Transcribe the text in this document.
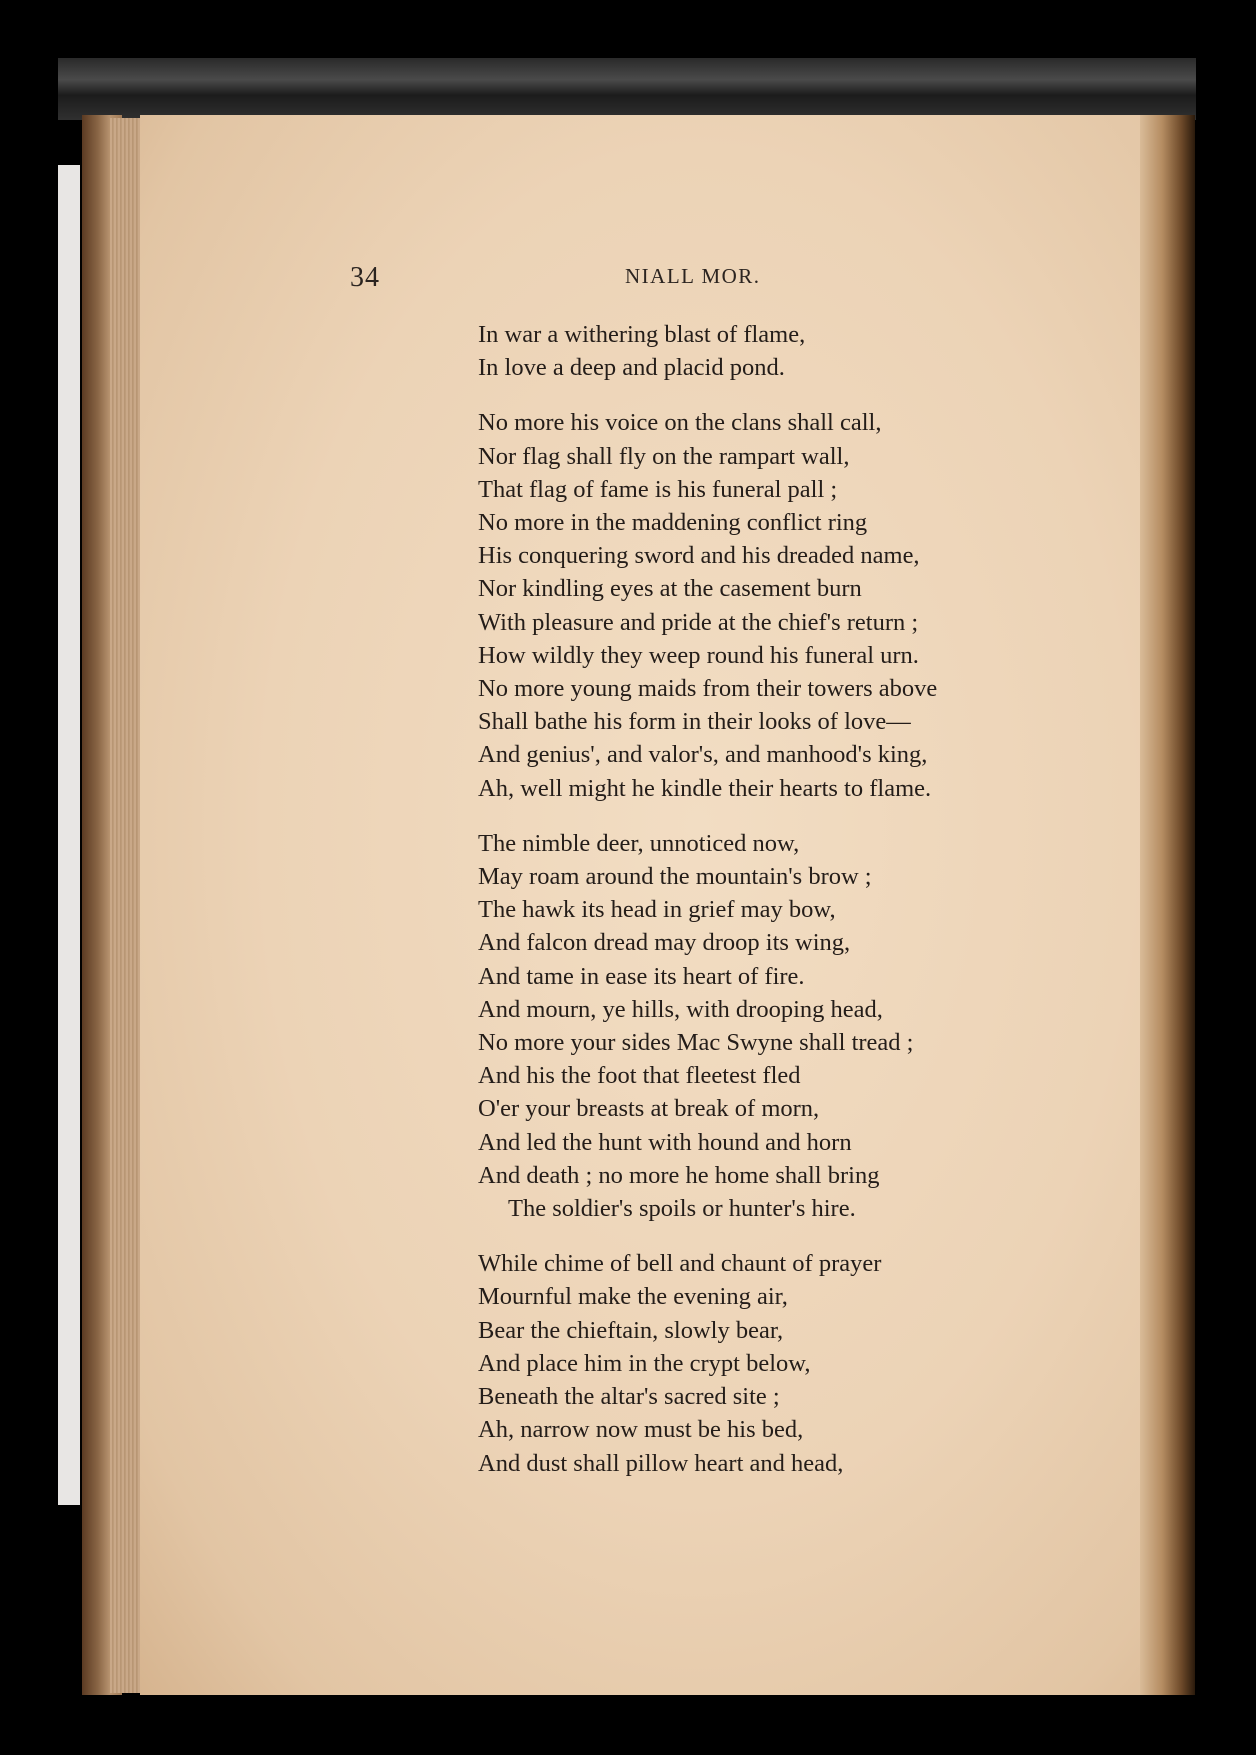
34	NIALL MOR.
In war a withering blast of flame,
In love a deep and placid pond.
No more his voice on the clans shall call,
Nor flag shall fly on the rampart wall,
That flag of fame is his funeral pall ;
No more in the maddening conflict ring
His conquering sword and his dreaded name,
Nor kindling eyes at the casement burn
With pleasure and pride at the chief's return ;
How wildly they weep round his funeral urn.
No more young maids from their towers above
Shall bathe his form in their looks of love—
And genius', and valor's, and manhood's king,
Ah, well might he kindle their hearts to flame.
The nimble deer, unnoticed now,
May roam around the mountain's brow ;
The hawk its head in grief may bow,
And falcon dread may droop its wing,
And tame in ease its heart of fire.
And mourn, ye hills, with drooping head,
No more your sides Mac Swyne shall tread ;
And his the foot that fleetest fled
O'er your breasts at break of morn,
And led the hunt with hound and horn
And death ; no more he home shall bring
The soldier's spoils or hunter's hire.
While chime of bell and chaunt of prayer
Mournful make the evening air,
Bear the chieftain, slowly bear,
And place him in the crypt below,
Beneath the altar's sacred site ;
Ah, narrow now must be his bed,
And dust shall pillow heart and head,
